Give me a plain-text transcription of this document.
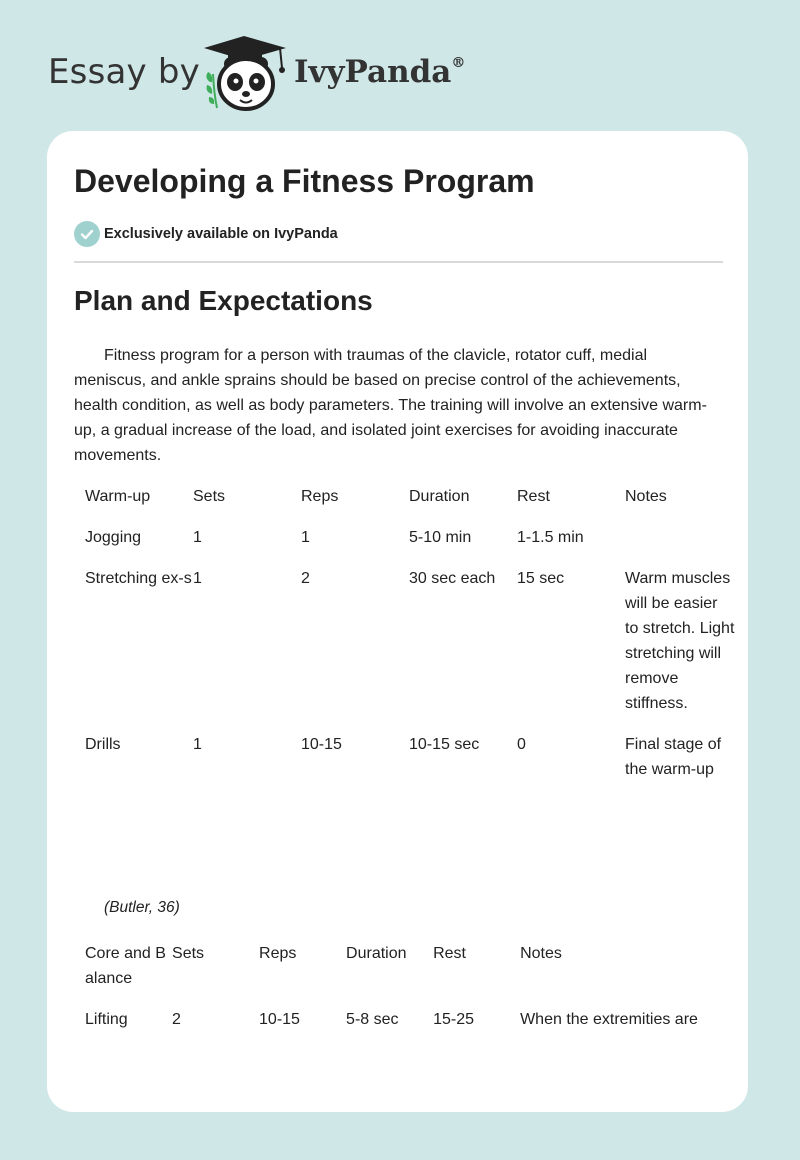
Essay by	IvyPanda®
Developing a Fitness Program
Exclusively available on IvyPanda
Plan and Expectations

Fitness program for a person with traumas of the clavicle, rotator cuff, medial meniscus, and ankle sprains should be based on precise control of the achievements, health condition, as well as body parameters. The training will involve an extensive warm-up, a gradual increase of the load, and isolated joint exercises for avoiding inaccurate movements.

Warm-up	Sets	Reps	Duration	Rest	Notes
Jogging	1	1	5-10 min	1-1.5 min	
Stretching ex-s	1	2	30 sec each	15 sec	Warm muscles will be easier to stretch. Light stretching will remove stiffness.
Drills	1	10-15	10-15 sec	0	Final stage of the warm-up

(Butler, 36)

Core and Balance	Sets	Reps	Duration	Rest	Notes
Lifting	2	10-15	5-8 sec	15-25	When the extremities are
